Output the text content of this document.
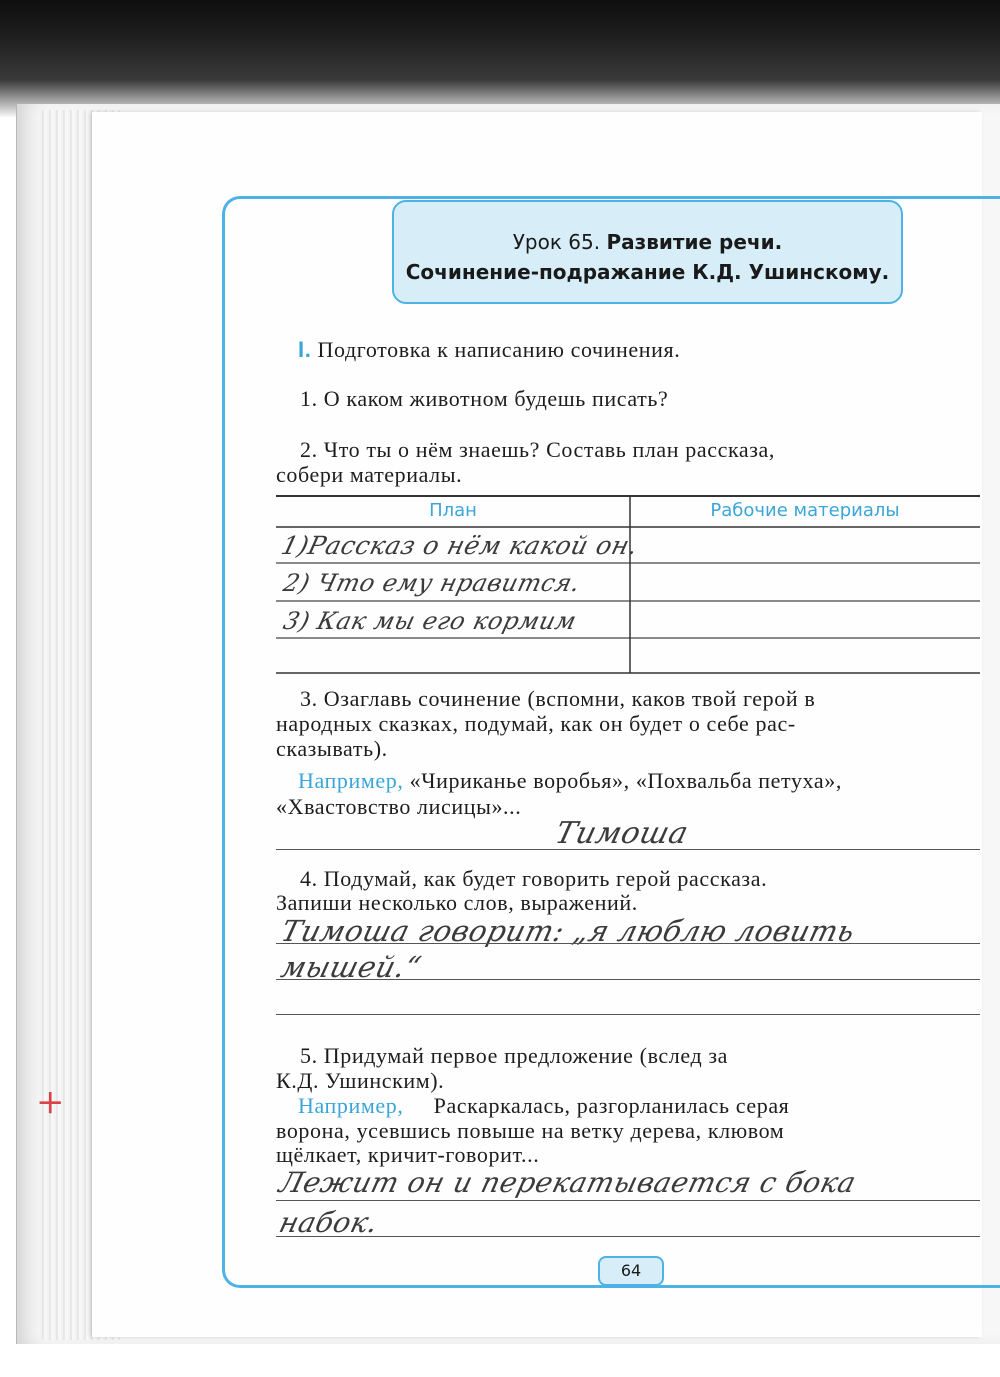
Урок 65. Развитие речи.
Сочинение-подражание К.Д. Ушинскому.
I. Подготовка к написанию сочинения.
1. О каком животном будешь писать?
2. Что ты о нём знаешь? Составь план рассказа,
собери материалы.
План	Рабочие материалы
1)Рассказ о нём какой он.
2) Что ему нравится.
3) Как мы его кормим
3. Озаглавь сочинение (вспомни, каков твой герой в
народных сказках, подумай, как он будет о себе рас-
сказывать).
Например, «Чириканье воробья», «Похвальба петуха»,
«Хвастовство лисицы»...
Тимоша
4. Подумай, как будет говорить герой рассказа.
Запиши несколько слов, выражений.
Тимоша говорит: „я люблю ловить
мышей.“
5. Придумай первое предложение (вслед за
К.Д. Ушинским).
Например, Раскаркалась, разгорланилась серая
ворона, усевшись повыше на ветку дерева, клювом
щёлкает, кричит-говорит...
Лежит он и перекатывается с бока
набок.
64
+
